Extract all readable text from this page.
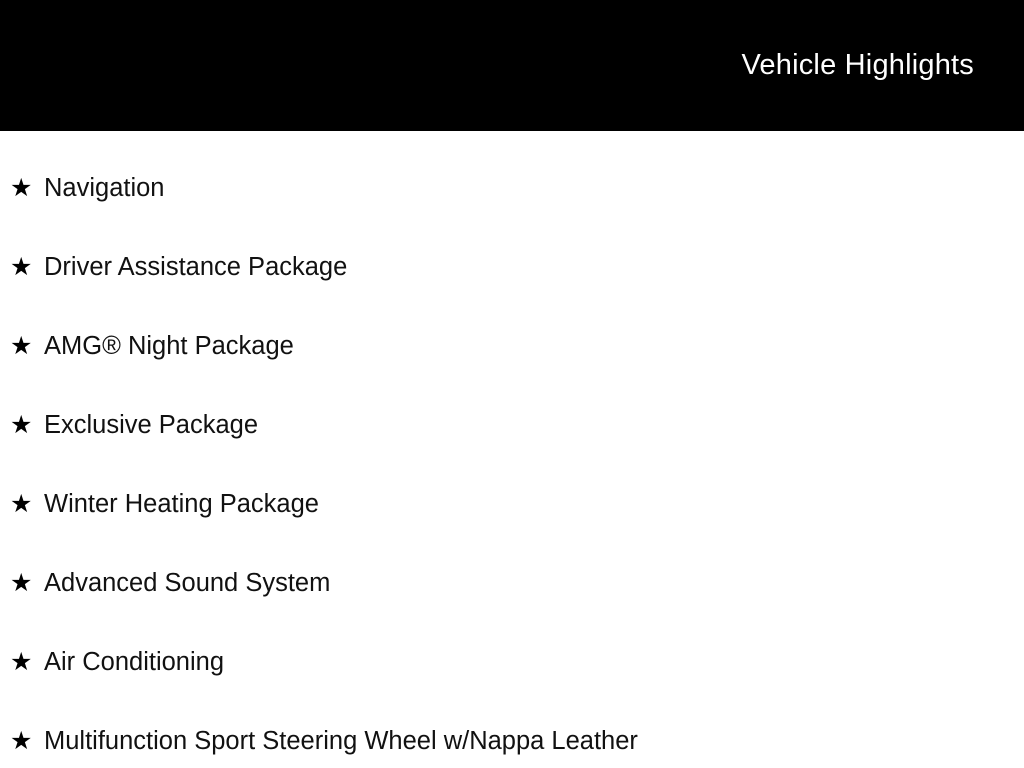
Vehicle Highlights
★ Navigation
★ Driver Assistance Package
★ AMG® Night Package
★ Exclusive Package
★ Winter Heating Package
★ Advanced Sound System
★ Air Conditioning
★ Multifunction Sport Steering Wheel w/Nappa Leather
